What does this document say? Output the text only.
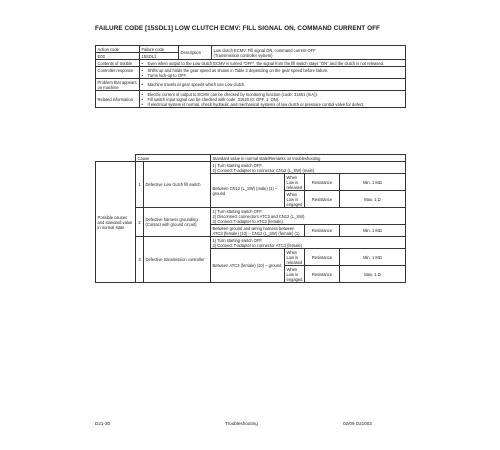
FAILURE CODE [15SDL1] LOW CLUTCH ECMV: FILL SIGNAL ON, COMMAND CURRENT OFF
Action code	Failure code	Description	Low clutch ECMV: Fill signal ON, command current OFF
(Transmission controller system)

E03	15SDL1		
Contents of trouble	• Even when output to the Low clutch ECMV is turned "OFF", the signal from the fill switch stays "ON" and the clutch is not released.

Controller response	• Shifts up and holds the gear speed as shown in Table 2 depending on the gear speed before failure.
• Turns lock-up to OFF.

Problem that appears on machine	• Machine travels at gear speeds which use Low clutch.

Related information	• Electric current of output to ECMV can be checked by monitoring function (code: 31601 (mA)).
• Fill switch input signal can be checked with code: 31520 (0: OFF, 1: ON).
• If electrical system is normal, check hydraulic and mechanical systems of low clutch or pressure control valve for defect.
	Cause		Standard value in normal state/Remarks on troubleshooting			
Possible causes and standard value in normal state	1	Defective Low clutch fill switch	1) Turn starting switch OFF.
2) Connect T-adapter to connector CN12 (L_SW) (male).			

			Between CN12 (L_SW) (male) (1) – ground	When Low is released	Resistance	Min. 1 MΩ
				When Low is engaged	Resistance	Max. 1 Ω
	2	Defective harness grounding (Contact with ground circuit)	1) Turn starting switch OFF.
2) Disconnect connectors ATC3 and CN12 (L_SW).
3) Connect T-adapter to ATC3 (female).			

			Between ground and wiring harness between ATC3 (female) (10) – CN12 (L_SW) (female) (1)		Resistance	Min. 1 MΩ
	3	Defective transmission controller	1) Turn starting switch OFF.
2) Connect T-adapter to connector ATC3 (female).			

			Between ATC3 (female) (10) – ground	When Low is released	Resistance	Min. 1 MΩ
				When Low is engaged	Resistance	Max. 1 Ω
D21-30	Troubleshooting	02/09 D21003
